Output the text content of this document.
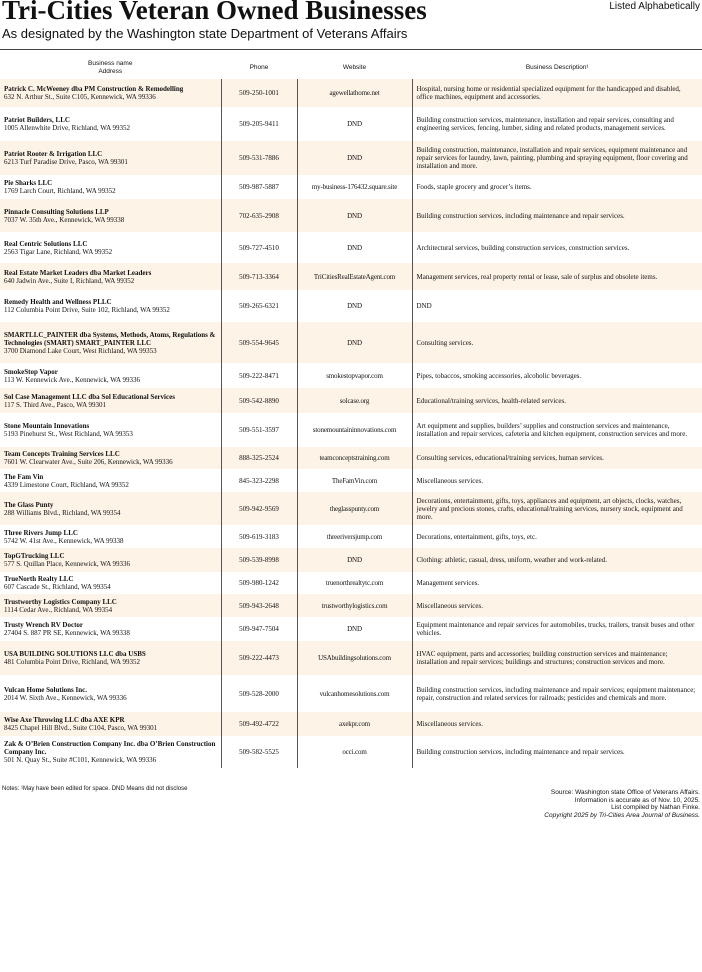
Tri-Cities Veteran Owned Businesses
As designated by the Washington state Department of Veterans Affairs
Listed Alphabetically
Business name
Address	Phone	Website	Business Description¹

Patrick C. McWeeney dba PM Construction & Remodelling
632 N. Arthur St., Suite C105, Kennewick, WA 99336	509-250-1001	agewellathome.net	Hospital, nursing home or residential specialized equipment for the handicapped and disabled, office machines, equipment and accessories.

Patriot Builders, LLC
1005 Allenwhite Drive, Richland, WA 99352	509-205-9411	DND	Building construction services, maintenance, installation and repair services, consulting and engineering services, fencing, lumber, siding and related products, management services.

Patriot Rooter & Irrigation LLC
6213 Turf Paradise Drive, Pasco, WA 99301	509-531-7886	DND	Building construction, maintenance, installation and repair services, equipment maintenance and repair services for laundry, lawn, painting, plumbing and spraying equipment, floor covering and installation and more.

Pie Sharks LLC
1769 Larch Court, Richland, WA 99352	509-987-5887	my-business-176432.square.site	Foods, staple grocery and grocer’s items.

Pinnacle Consulting Solutions LLP
7037 W. 35th Ave., Kennewick, WA 99338	702-635-2908	DND	Building construction services, including maintenance and repair services.

Real Centric Solutions LLC
2563 Tigar Lane, Richland, WA 99352	509-727-4510	DND	Architectural services, building construction services, construction services.

Real Estate Market Leaders dba Market Leaders
640 Jadwin Ave., Suite I, Richland, WA 99352	509-713-3364	TriCitiesRealEstateAgent.com	Management services, real property rental or lease, sale of surplus and obsolete items.

Remedy Health and Wellness PLLC
112 Columbia Point Drive, Suite 102, Richland, WA 99352	509-265-6321	DND	DND

SMARTLLC_PAINTER dba Systems, Methods, Atoms, Regulations & Technologies (SMART) SMART_PAINTER LLC
3700 Diamond Lake Court, West Richland, WA 99353	509-554-9645	DND	Consulting services.

SmokeStop Vapor
113 W. Kennewick Ave., Kennewick, WA 99336	509-222-8471	smokestopvapor.com	Pipes, tobaccos, smoking accessories, alcoholic beverages.

Sol Case Management LLC dba Sol Educational Services
117 S. Third Ave., Pasco, WA 99301	509-542-8890	solcase.org	Educational/training services, health-related services.

Stone Mountain Innovations
5193 Pinehurst St., West Richland, WA 99353	509-551-3597	stonemountaininnovations.com	Art equipment and supplies, builders’ supplies and construction services and maintenance, installation and repair services, cafeteria and kitchen equipment, construction services and more.

Team Concepts Training Services LLC
7601 W. Clearwater Ave., Suite 206, Kennewick, WA 99336	888-325-2524	teamconceptstraining.com	Consulting services, educational/training services, human services.

The Fam Vin
4339 Limestone Court, Richland, WA 99352	845-323-2298	TheFamVin.com	Miscellaneous services.

The Glass Punty
288 Williams Blvd., Richland, WA 99354	509-942-9569	theglasspunty.com	Decorations, entertainment, gifts, toys, appliances and equipment, art objects, clocks, watches, jewelry and precious stones, crafts, educational/training services, nursery stock, equipment and more.

Three Rivers Jump LLC
5742 W. 41st Ave., Kennewick, WA 99338	509-619-3183	threeriversjump.com	Decorations, entertainment, gifts, toys, etc.

TopGTrucking LLC
577 S. Quillan Place, Kennewick, WA 99336	509-539-8998	DND	Clothing: athletic, casual, dress, uniform, weather and work-related.

TrueNorth Realty LLC
607 Cascade St., Richland, WA 99354	509-980-1242	truenorthrealtytc.com	Management services.

Trustworthy Logistics Company LLC
1114 Cedar Ave., Richland, WA 99354	509-943-2648	trustworthylogistics.com	Miscellaneous services.

Trusty Wrench RV Doctor
27404 S. 887 PR SE, Kennewick, WA 99338	509-947-7504	DND	Equipment maintenance and repair services for automobiles, trucks, trailers, transit buses and other vehicles.

USA BUILDING SOLUTIONS LLC dba USBS
481 Columbia Point Drive, Richland, WA 99352	509-222-4473	USAbuildingsolutions.com	HVAC equipment, parts and accessories; building construction services and maintenance; installation and repair services; buildings and structures; construction services and more.

Vulcan Home Solutions Inc.
2014 W. Sixth Ave., Kennewick, WA 99336	509-528-2000	vulcanhomesolutions.com	Building construction services, including maintenance and repair services; equipment maintenance; repair, construction and related services for railroads; pesticides and chemicals and more.

Wise Axe Throwing LLC dba AXE KPR
8425 Chapel Hill Blvd., Suite C104, Pasco, WA 99301	509-492-4722	axekpr.com	Miscellaneous services.

Zak & O’Brien Construction Company Inc. dba O’Brien Construction Company Inc.
501 N. Quay St., Suite #C101, Kennewick, WA 99336	509-582-5525	occi.com	Building construction services, including maintenance and repair services.
Notes: ¹May have been edited for space. DND Means did not disclose	Source: Washington state Office of Veterans Affairs.
Information is accurate as of Nov. 10, 2025.
List compiled by Nathan Finke.
Copyright 2025 by Tri-Cities Area Journal of Business.
